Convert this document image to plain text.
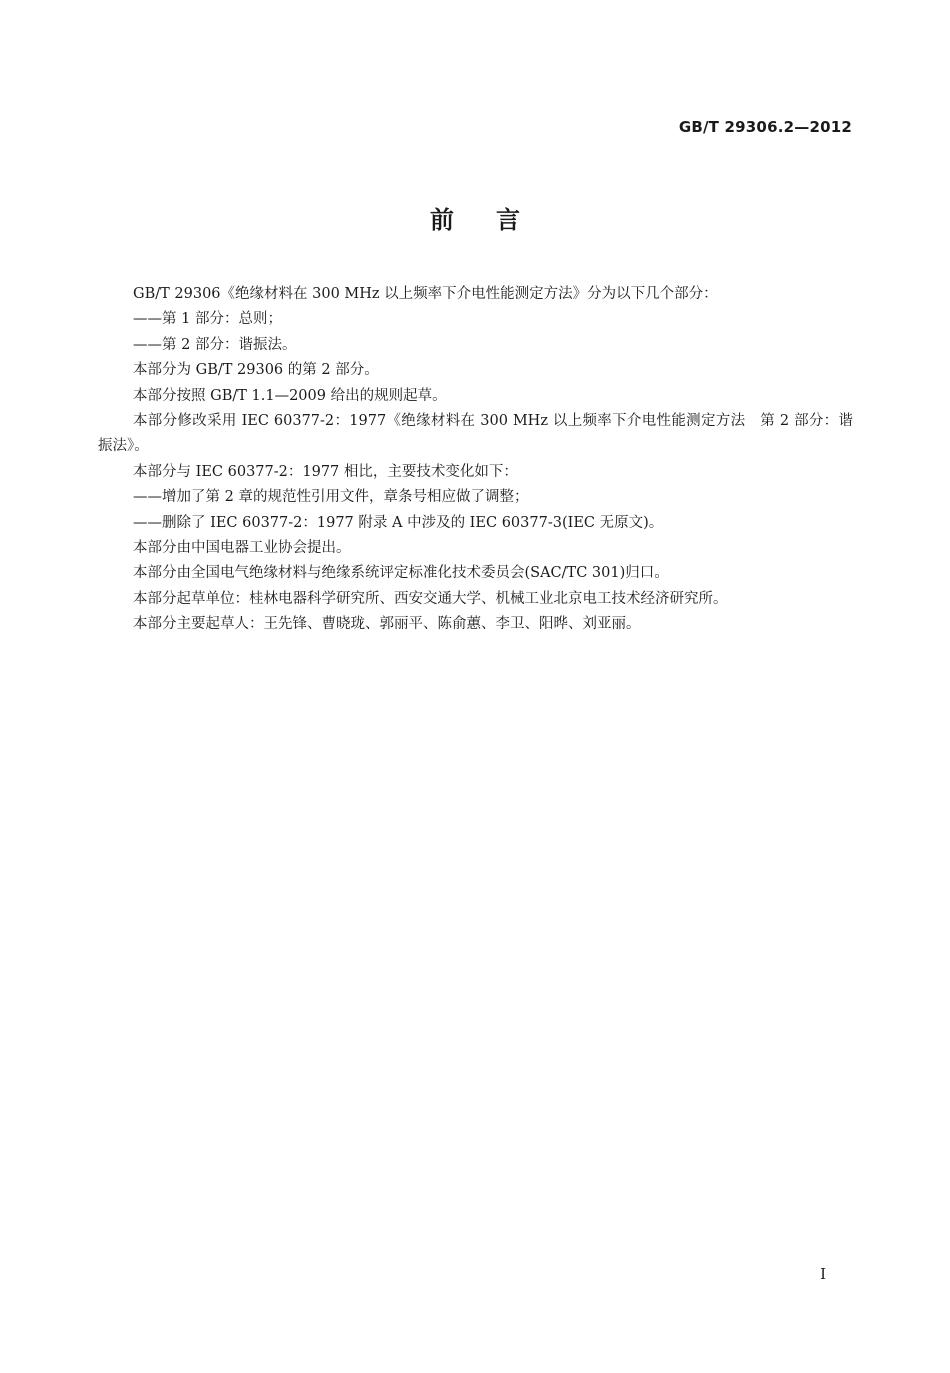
GB/T 29306.2—2012
前言

GB/T 29306《绝缘材料在 300 MHz 以上频率下介电性能测定方法》分为以下几个部分：

——第 1 部分：总则；

——第 2 部分：谐振法。

本部分为 GB/T 29306 的第 2 部分。

本部分按照 GB/T 1.1—2009 给出的规则起草。

本部分修改采用 IEC 60377-2：1977《绝缘材料在 300 MHz 以上频率下介电性能测定方法　第 2 部分：谐振法》。

本部分与 IEC 60377-2：1977 相比，主要技术变化如下：

——增加了第 2 章的规范性引用文件，章条号相应做了调整；

——删除了 IEC 60377-2：1977 附录 A 中涉及的 IEC 60377-3(IEC 无原文)。

本部分由中国电器工业协会提出。

本部分由全国电气绝缘材料与绝缘系统评定标准化技术委员会(SAC/TC 301)归口。

本部分起草单位：桂林电器科学研究所、西安交通大学、机械工业北京电工技术经济研究所。

本部分主要起草人：王先锋、曹晓珑、郭丽平、陈俞蕙、李卫、阳晔、刘亚丽。

I
